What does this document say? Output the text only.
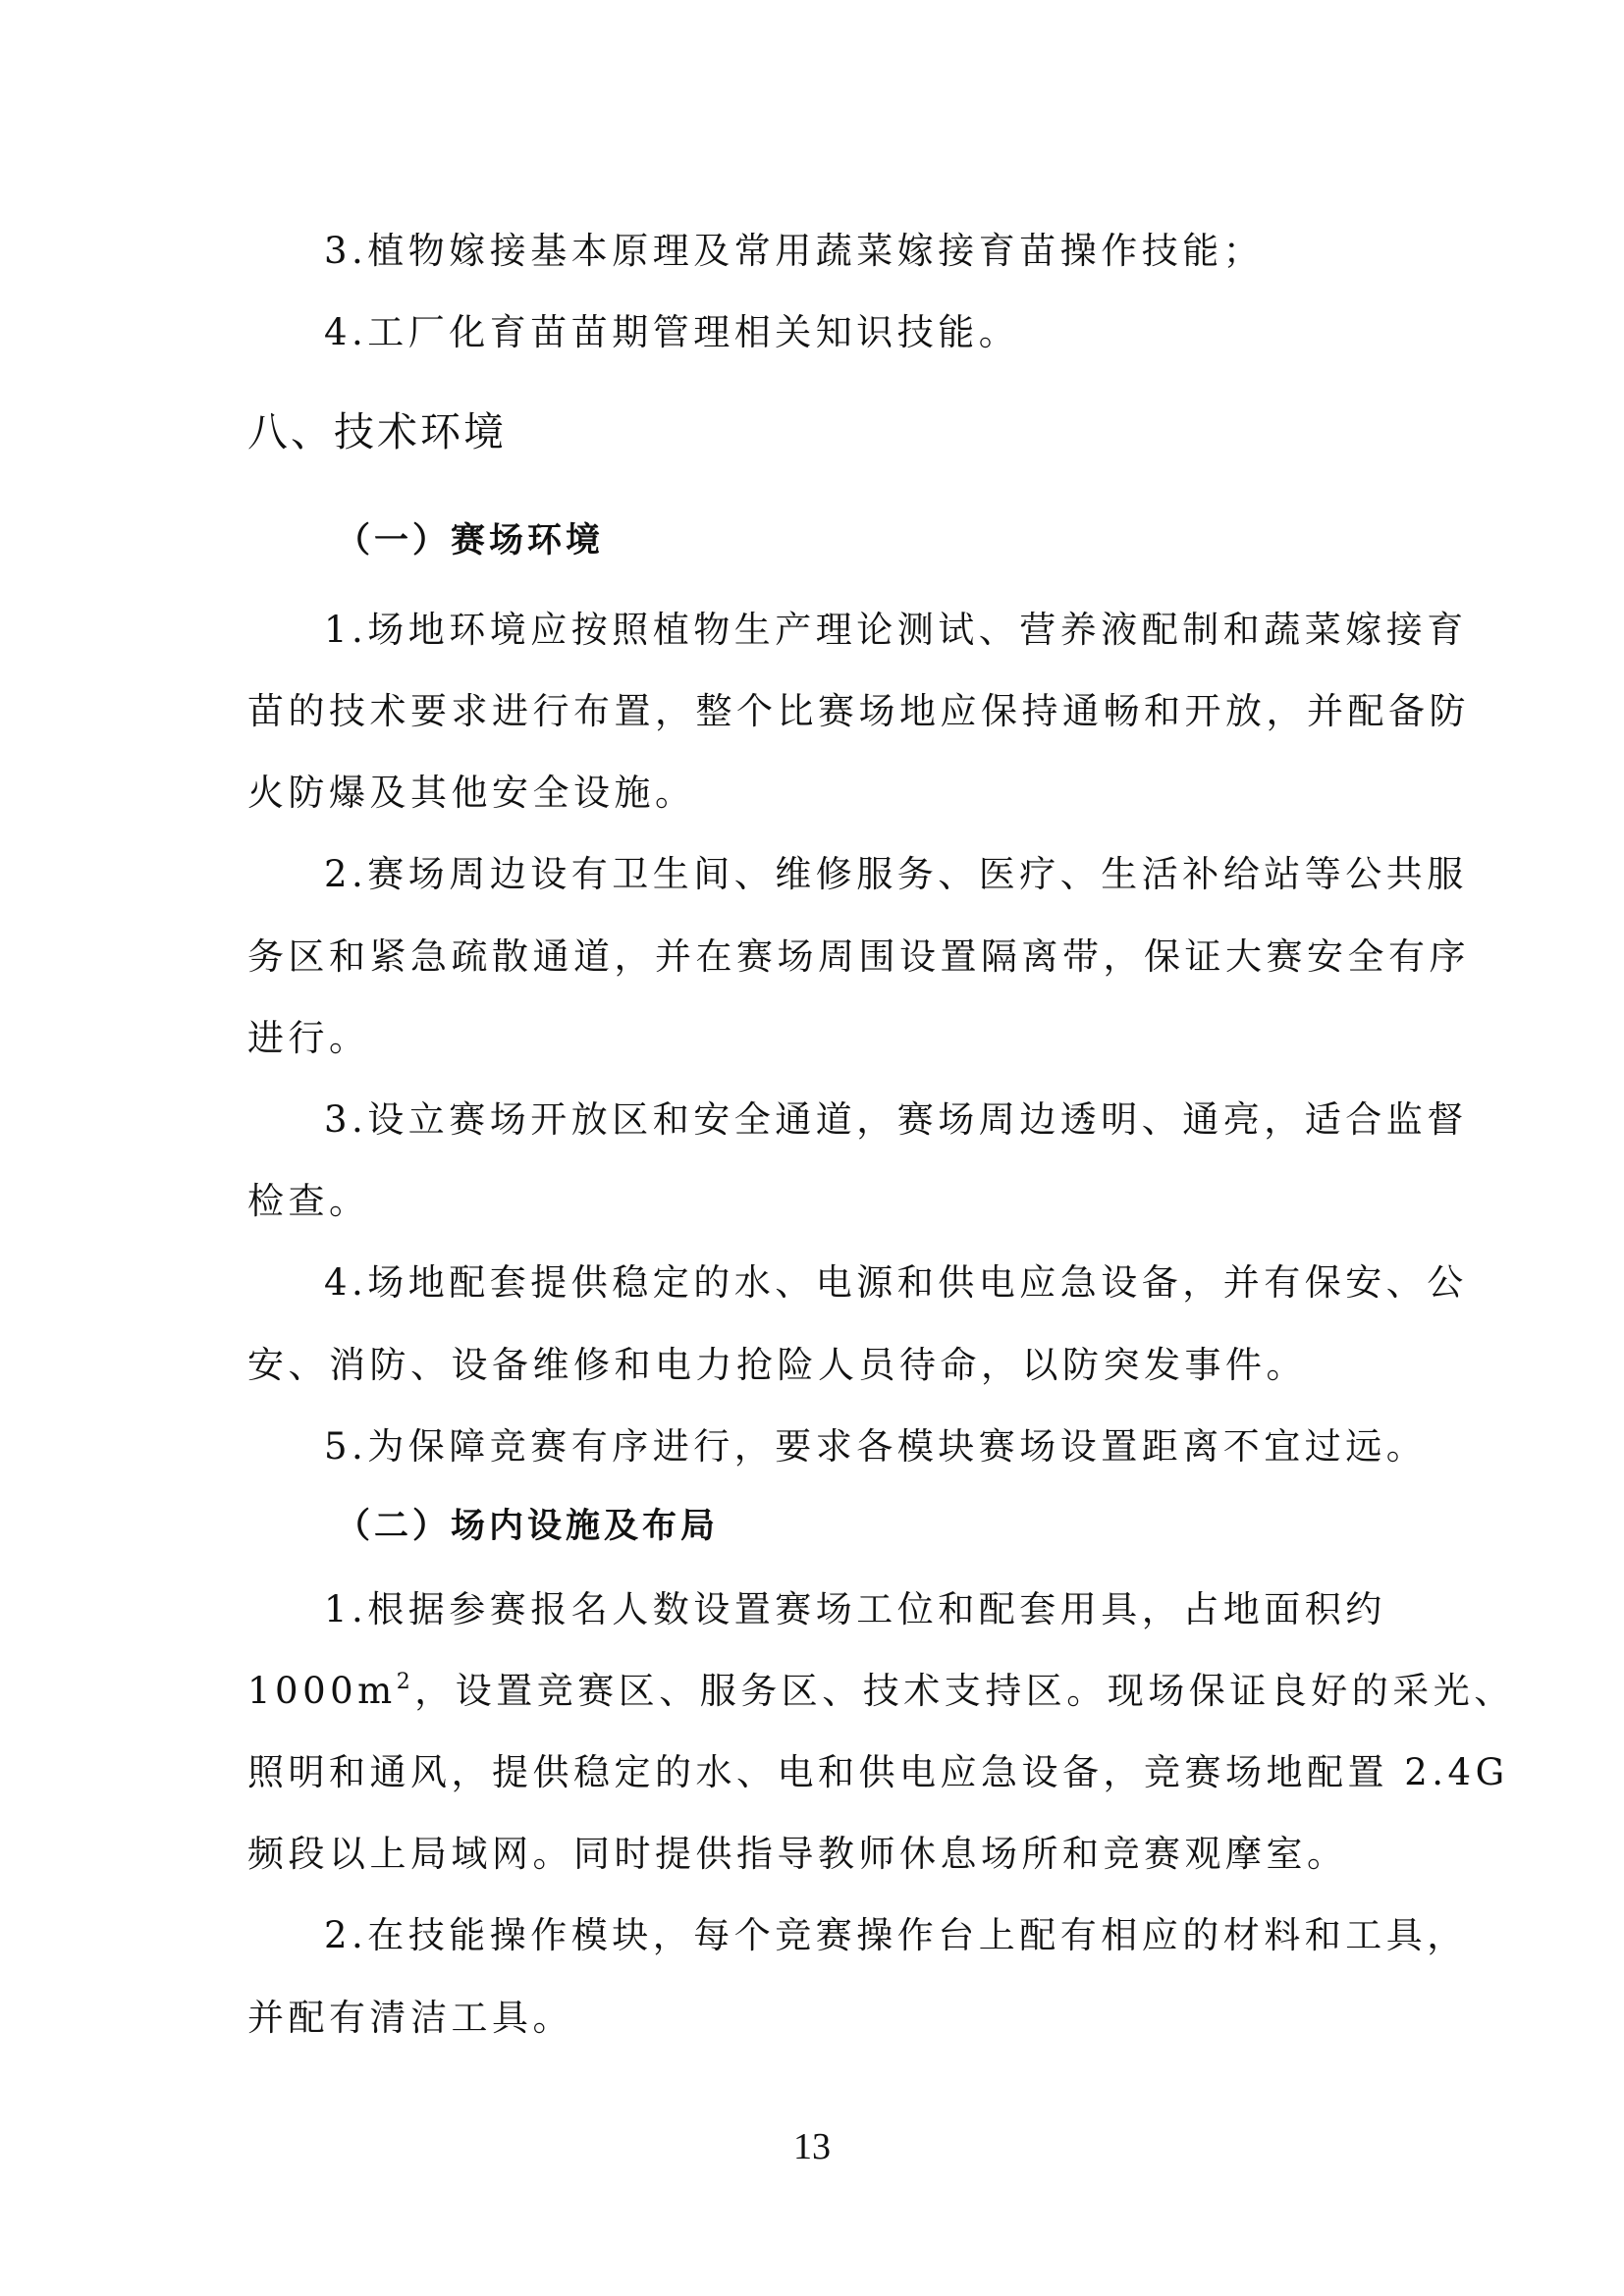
3.植物嫁接基本原理及常用蔬菜嫁接育苗操作技能；
4.工厂化育苗苗期管理相关知识技能。
八、技术环境
（一）赛场环境
1.场地环境应按照植物生产理论测试、营养液配制和蔬菜嫁接育
苗的技术要求进行布置，整个比赛场地应保持通畅和开放，并配备防
火防爆及其他安全设施。
2.赛场周边设有卫生间、维修服务、医疗、生活补给站等公共服
务区和紧急疏散通道，并在赛场周围设置隔离带，保证大赛安全有序
进行。
3.设立赛场开放区和安全通道，赛场周边透明、通亮，适合监督
检查。
4.场地配套提供稳定的水、电源和供电应急设备，并有保安、公
安、消防、设备维修和电力抢险人员待命，以防突发事件。
5.为保障竞赛有序进行，要求各模块赛场设置距离不宜过远。
（二）场内设施及布局
1.根据参赛报名人数设置赛场工位和配套用具，占地面积约
$1000m^2$，设置竞赛区、服务区、技术支持区。现场保证良好的采光、
照明和通风，提供稳定的水、电和供电应急设备，竞赛场地配置 2.4G
频段以上局域网。同时提供指导教师休息场所和竞赛观摩室。
2.在技能操作模块，每个竞赛操作台上配有相应的材料和工具，
并配有清洁工具。
13
